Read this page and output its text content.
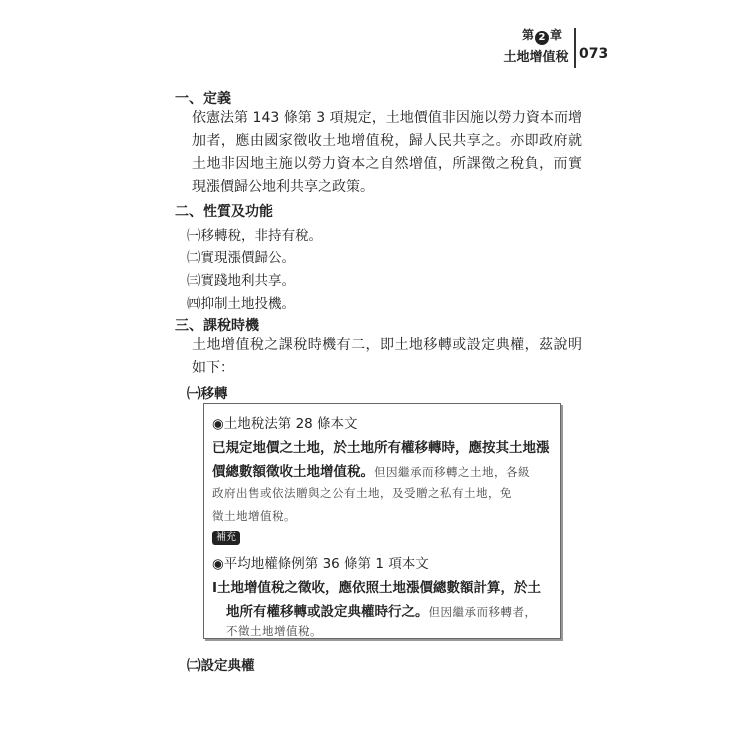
第 2 章
土地增值稅 073
一、定義

依憲法第 143 條第 3 項規定，土地價值非因施以勞力資本而增加者，應由國家徵收土地增值稅，歸人民共享之。亦即政府就土地非因地主施以勞力資本之自然增值，所課徵之稅負，而實現漲價歸公地利共享之政策。

二、性質及功能
㈠移轉稅，非持有稅。
㈡實現漲價歸公。
㈢實踐地利共享。
㈣抑制土地投機。
三、課稅時機

土地增值稅之課稅時機有二，即土地移轉或設定典權，茲說明如下：

㈠移轉
◉土地稅法第 28 條本文
已規定地價之土地，於土地所有權移轉時，應按其土地漲
價總數額徵收土地增值稅。但因繼承而移轉之土地，各級
政府出售或依法贈與之公有土地，及受贈之私有土地，免
徵土地增值稅。
補充
◉平均地權條例第 36 條第 1 項本文
Ⅰ土地增值稅之徵收，應依照土地漲價總數額計算，於土
地所有權移轉或設定典權時行之。但因繼承而移轉者，
不徵土地增值稅。
㈡設定典權
